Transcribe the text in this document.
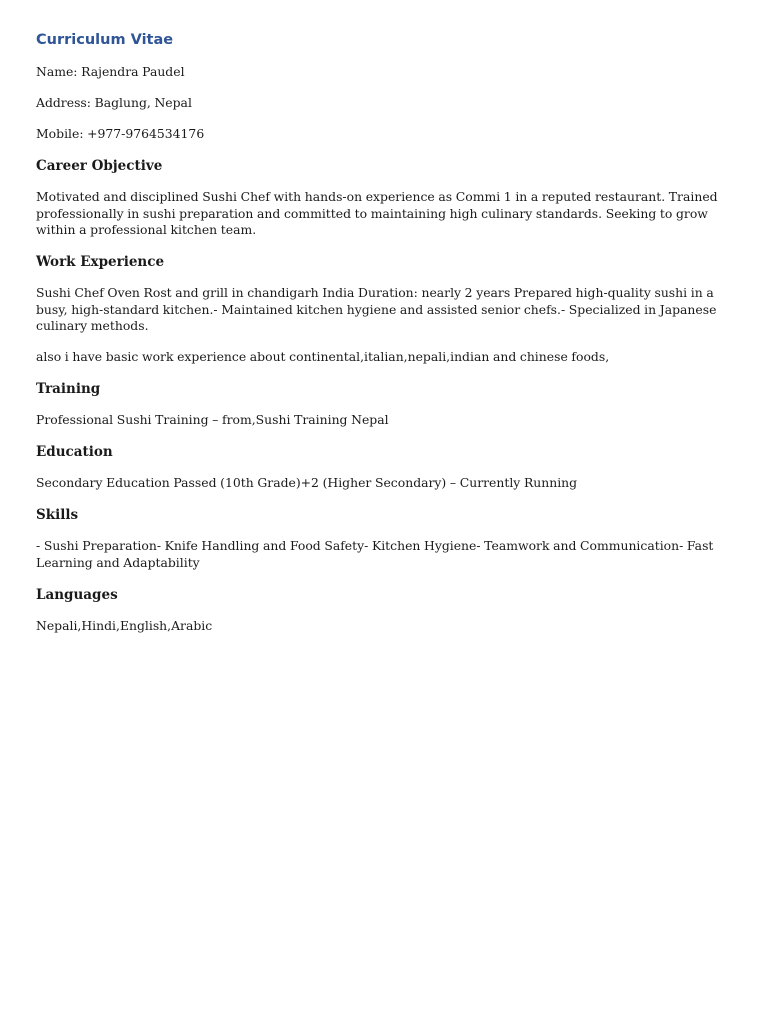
Curriculum Vitae

Name: Rajendra Paudel

Address: Baglung, Nepal

Mobile: +977-9764534176

Career Objective

Motivated and disciplined Sushi Chef with hands-on experience as Commi 1 in a reputed restaurant. Trained professionally in sushi preparation and committed to maintaining high culinary standards. Seeking to grow within a professional kitchen team.

Work Experience

Sushi Chef Oven Rost and grill in chandigarh India Duration: nearly 2 years Prepared high-quality sushi in a busy, high-standard kitchen.- Maintained kitchen hygiene and assisted senior chefs.- Specialized in Japanese culinary methods.

also i have basic work experience about continental,italian,nepali,indian and chinese foods,

Training

Professional Sushi Training – from,Sushi Training Nepal

Education

Secondary Education Passed (10th Grade)+2 (Higher Secondary) – Currently Running

Skills

- Sushi Preparation- Knife Handling and Food Safety- Kitchen Hygiene- Teamwork and Communication- Fast Learning and Adaptability

Languages

Nepali,Hindi,English,Arabic
